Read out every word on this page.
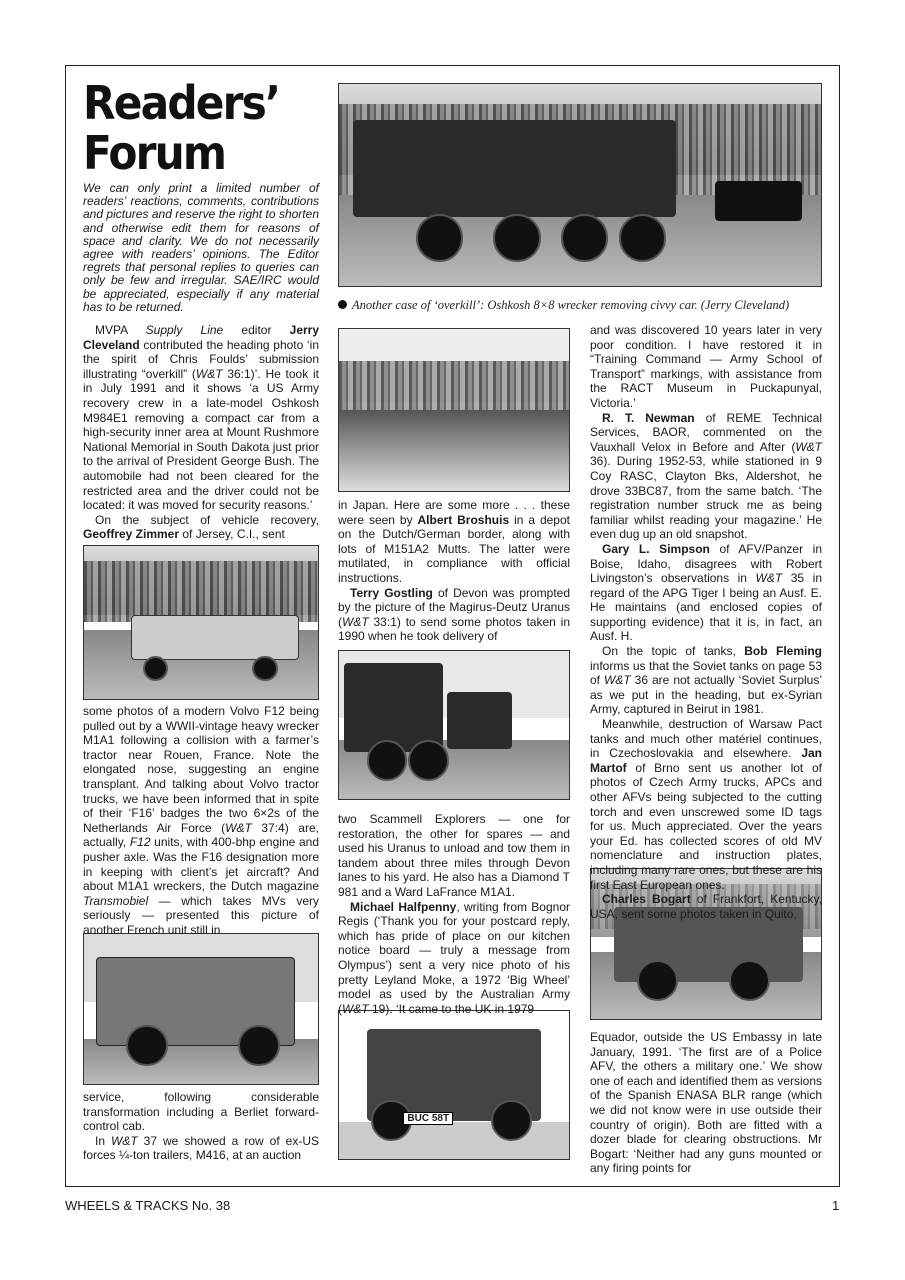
Readers’
Forum
We can only print a limited number of readers’ reactions, comments, contributions and pictures and reserve the right to shorten and otherwise edit them for reasons of space and clarity. We do not necessarily agree with readers’ opinions. The Editor regrets that personal replies to queries can only be few and irregular. SAE/IRC would be appreciated, especially if any material has to be returned.	Another case of ‘overkill’: Oshkosh 8×8 wrecker removing civvy car. (Jerry Cleveland)
BUC 58T

MVPA Supply Line editor Jerry Cleveland contributed the heading photo ‘in the spirit of Chris Foulds’ submission illustrating “overkill” (W&T 36:1)’. He took it in July 1991 and it shows ‘a US Army recovery crew in a late-model Oshkosh M984E1 removing a compact car from a high-security inner area at Mount Rushmore National Memorial in South Dakota just prior to the arrival of President George Bush. The automobile had not been cleared for the restricted area and the driver could not be located: it was moved for security reasons.’

On the subject of vehicle recovery, Geoffrey Zimmer of Jersey, C.I., sent

some photos of a modern Volvo F12 being pulled out by a WWII-vintage heavy wrecker M1A1 following a collision with a farmer’s tractor near Rouen, France. Note the elongated nose, suggesting an engine transplant. And talking about Volvo tractor trucks, we have been informed that in spite of their ‘F16’ badges the two 6×2s of the Netherlands Air Force (W&T 37:4) are, actually, F12 units, with 400-bhp engine and pusher axle. Was the F16 designation more in keeping with client’s jet aircraft? And about M1A1 wreckers, the Dutch magazine Transmobiel — which takes MVs very seriously — presented this picture of another French unit still in

service, following considerable transformation including a Berliet forward-control cab.

In W&T 37 we showed a row of ex-US forces ¼-ton trailers, M416, at an auction

in Japan. Here are some more . . . these were seen by Albert Broshuis in a depot on the Dutch/German border, along with lots of M151A2 Mutts. The latter were mutilated, in compliance with official instructions.

Terry Gostling of Devon was prompted by the picture of the Magirus-Deutz Uranus (W&T 33:1) to send some photos taken in 1990 when he took delivery of

two Scammell Explorers — one for restoration, the other for spares — and used his Uranus to unload and tow them in tandem about three miles through Devon lanes to his yard. He also has a Diamond T 981 and a Ward LaFrance M1A1.

Michael Halfpenny, writing from Bognor Regis (‘Thank you for your postcard reply, which has pride of place on our kitchen notice board — truly a message from Olympus’) sent a very nice photo of his pretty Leyland Moke, a 1972 ‘Big Wheel’ model as used by the Australian Army (W&T 19). ‘It came to the UK in 1979

and was discovered 10 years later in very poor condition. I have restored it in “Training Command — Army School of Transport” markings, with assistance from the RACT Museum in Puckapunyal, Victoria.’

R. T. Newman of REME Technical Services, BAOR, commented on the Vauxhall Velox in Before and After (W&T 36). During 1952-53, while stationed in 9 Coy RASC, Clayton Bks, Aldershot, he drove 33BC87, from the same batch. ‘The registration number struck me as being familiar whilst reading your magazine.’ He even dug up an old snapshot.

Gary L. Simpson of AFV/Panzer in Boise, Idaho, disagrees with Robert Livingston’s observations in W&T 35 in regard of the APG Tiger I being an Ausf. E. He maintains (and enclosed copies of supporting evidence) that it is, in fact, an Ausf. H.

On the topic of tanks, Bob Fleming informs us that the Soviet tanks on page 53 of W&T 36 are not actually ‘Soviet Surplus’ as we put in the heading, but ex-Syrian Army, captured in Beirut in 1981.

Meanwhile, destruction of Warsaw Pact tanks and much other matériel continues, in Czechoslovakia and elsewhere. Jan Martof of Brno sent us another lot of photos of Czech Army trucks, APCs and other AFVs being subjected to the cutting torch and even unscrewed some ID tags for us. Much appreciated. Over the years your Ed. has collected scores of old MV nomenclature and instruction plates, including many rare ones, but these are his first East European ones.

Charles Bogart of Frankfort, Kentucky, USA, sent some photos taken in Quito,

Equador, outside the US Embassy in late January, 1991. ‘The first are of a Police AFV, the others a military one.’ We show one of each and identified them as versions of the Spanish ENASA BLR range (which we did not know were in use outside their country of origin). Both are fitted with a dozer blade for clearing obstructions. Mr Bogart: ‘Neither had any guns mounted or any firing points for

WHEELS & TRACKS No. 38	1
